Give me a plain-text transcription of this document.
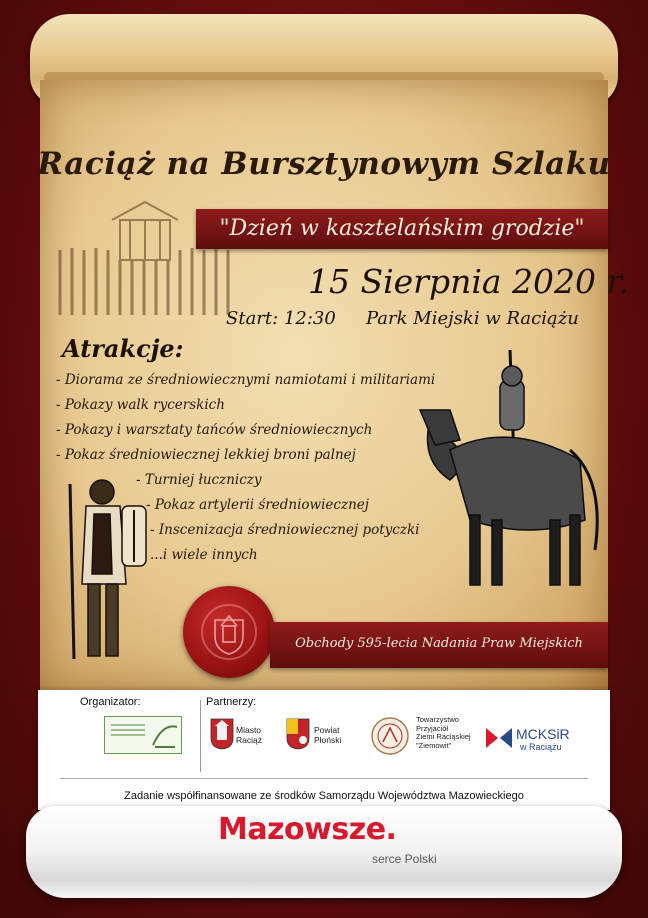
Raciąż na Bursztynowym Szlaku
"Dzień w kasztelańskim grodzie"
15 Sierpnia 2020 r.
Start: 12:30 Park Miejski w Raciążu
Atrakcje:
- Diorama ze średniowiecznymi namiotami i militariami
- Pokazy walk rycerskich
- Pokazy i warsztaty tańców średniowiecznych
- Pokaz średniowiecznej lekkiej broni palnej
- Turniej łuczniczy
- Pokaz artylerii średniowiecznej
- Inscenizacja średniowiecznej potyczki
...i wiele innych
Obchody 595-lecia Nadania Praw Miejskich
Organizator:	Partnerzy:
Miasto
Raciąż
Powiat
Płoński
Towarzystwo
Przyjaciół
Ziemi Raciąskiej
"Ziemowit"
MCKSiR
w Raciążu
Zadanie współfinansowane ze środków Samorządu Województwa Mazowieckiego
Mazowsze.
serce Polski
